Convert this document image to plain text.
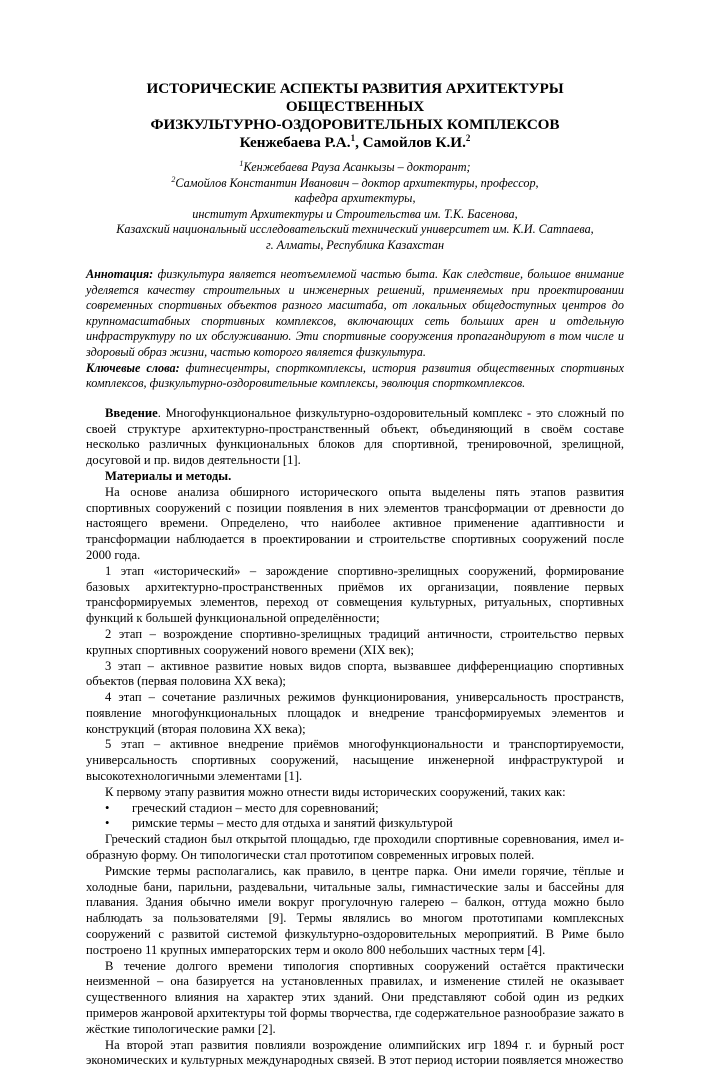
ИСТОРИЧЕСКИЕ АСПЕКТЫ РАЗВИТИЯ АРХИТЕКТУРЫ ОБЩЕСТВЕННЫХ
ФИЗКУЛЬТУРНО-ОЗДОРОВИТЕЛЬНЫХ КОМПЛЕКСОВ

Кенжебаева Р.А.$^1$, Самойлов К.И.$^2$

$^1$Кенжебаева Рауза Асанкызы – докторант;
$^2$Самойлов Константин Иванович – доктор архитектуры, профессор,
кафедра архитектуры,
институт Архитектуры и Строительства им. Т.К. Басенова,
Казахский национальный исследовательский технический университет им. К.И. Сатпаева,
г. Алматы, Республика Казахстан

Аннотация: физкультура является неотъемлемой частью быта. Как следствие, большое внимание уделяется качеству строительных и инженерных решений, применяемых при проектировании современных спортивных объектов разного масштаба, от локальных общедоступных центров до крупномасштабных спортивных комплексов, включающих сеть больших арен и отдельную инфраструктуру по их обслуживанию. Эти спортивные сооружения пропагандируют в том числе и здоровый образ жизни, частью которого является физкультура.

Ключевые слова: фитнесцентры, спорткомплексы, история развития общественных спортивных комплексов, физкультурно-оздоровительные комплексы, эволюция спорткомплексов.

Введение. Многофункциональное физкультурно-оздоровительный комплекс - это сложный по своей структуре архитектурно-пространственный объект, объединяющий в своём составе несколько различных функциональных блоков для спортивной, тренировочной, зрелищной, досуговой и пр. видов деятельности [1].

Материалы и методы.

На основе анализа обширного исторического опыта выделены пять этапов развития спортивных сооружений с позиции появления в них элементов трансформации от древности до настоящего времени. Определено, что наиболее активное применение адаптивности и трансформации наблюдается в проектировании и строительстве спортивных сооружений после 2000 года.

1 этап «исторический» – зарождение спортивно-зрелищных сооружений, формирование базовых архитектурно-пространственных приёмов их организации, появление первых трансформируемых элементов, переход от совмещения культурных, ритуальных, спортивных функций к большей функциональной определённости;

2 этап – возрождение спортивно-зрелищных традиций античности, строительство первых крупных спортивных сооружений нового времени (XIX век);

3 этап – активное развитие новых видов спорта, вызвавшее дифференциацию спортивных объектов (первая половина XX века);

4 этап – сочетание различных режимов функционирования, универсальность пространств, появление многофункциональных площадок и внедрение трансформируемых элементов и конструкций (вторая половина XX века);

5 этап – активное внедрение приёмов многофункциональности и транспортируемости, универсальность спортивных сооружений, насыщение инженерной инфраструктурой и высокотехнологичными элементами [1].

К первому этапу развития можно отнести виды исторических сооружений, таких как:

•	греческий стадион – место для соревнований;

•	римские термы – место для отдыха и занятий физкультурой

Греческий стадион был открытой площадью, где проходили спортивные соревнования, имел и-образную форму. Он типологически стал прототипом современных игровых полей.

Римские термы располагались, как правило, в центре парка. Они имели горячие, тёплые и холодные бани, парильни, раздевальни, читальные залы, гимнастические залы и бассейны для плавания. Здания обычно имели вокруг прогулочную галерею – балкон, оттуда можно было наблюдать за пользователями [9]. Термы являлись во многом прототипами комплексных сооружений с развитой системой физкультурно-оздоровительных мероприятий. В Риме было построено 11 крупных императорских терм и около 800 небольших частных терм [4].

В течение долгого времени типология спортивных сооружений остаётся практически неизменной – она базируется на установленных правилах, и изменение стилей не оказывает существенного влияния на характер этих зданий. Они представляют собой один из редких примеров жанровой архитектуры той формы творчества, где содержательное разнообразие зажато в жёсткие типологические рамки [2].

На второй этап развития повлияли возрождение олимпийских игр 1894 г. и бурный рост экономических и культурных международных связей. В этот период истории появляется множество
